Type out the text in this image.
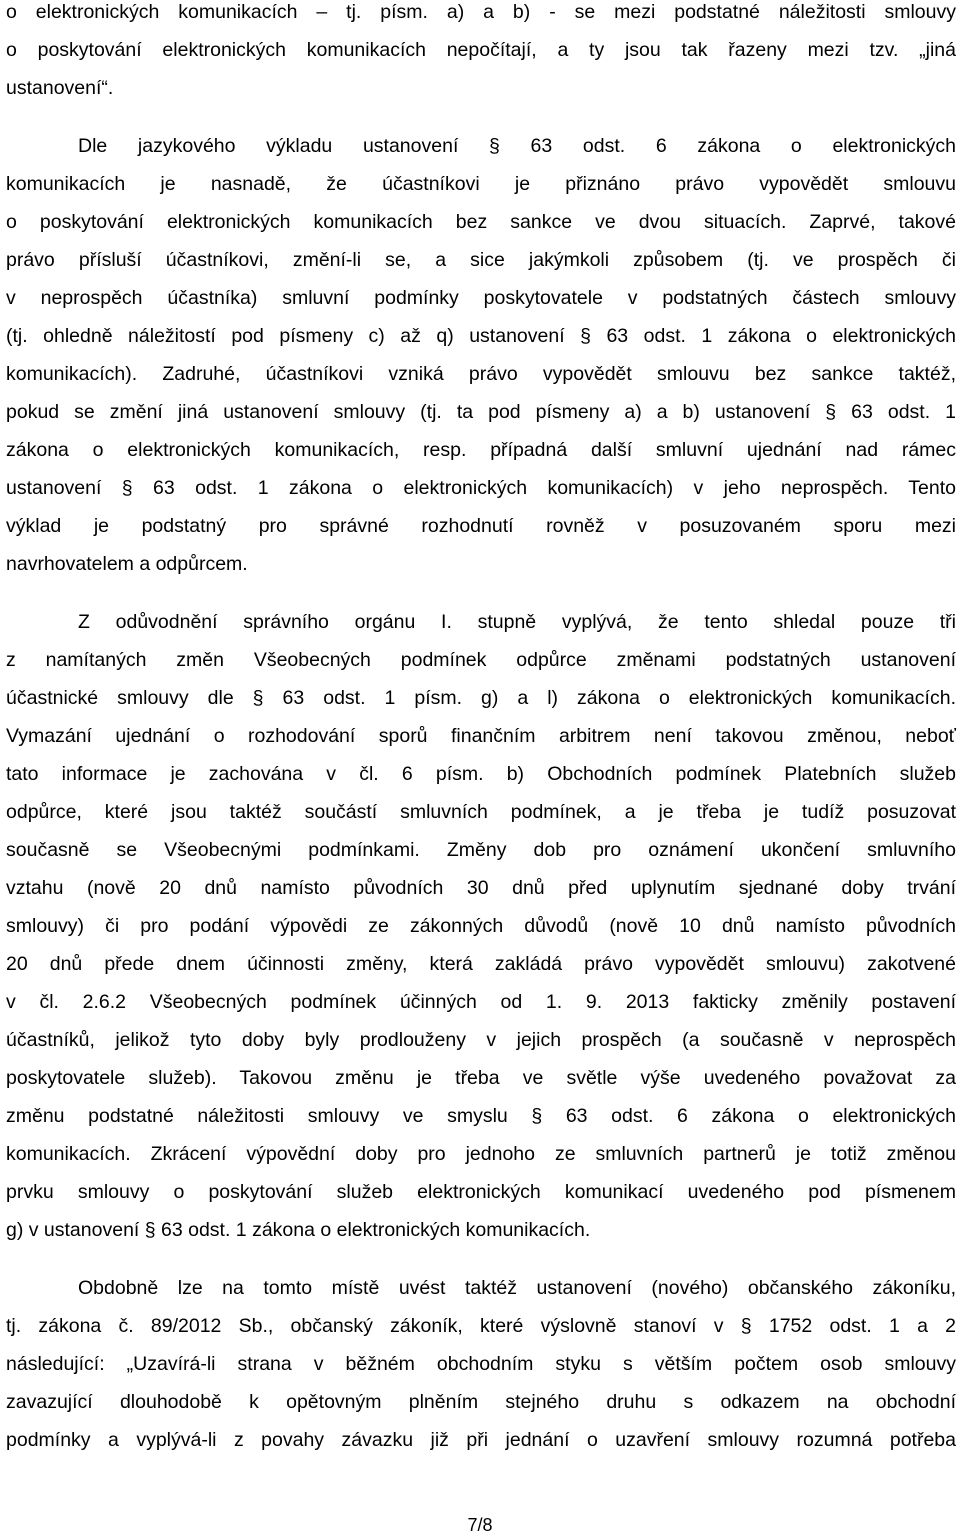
o elektronických komunikacích – tj. písm. a) a b) - se mezi podstatné náležitosti smlouvy
o poskytování elektronických komunikacích nepočítají, a ty jsou tak řazeny mezi tzv. „jiná
ustanovení“.
Dle jazykového výkladu ustanovení § 63 odst. 6 zákona o elektronických
komunikacích je nasnadě, že účastníkovi je přiznáno právo vypovědět smlouvu
o poskytování elektronických komunikacích bez sankce ve dvou situacích. Zaprvé, takové
právo přísluší účastníkovi, změní-li se, a sice jakýmkoli způsobem (tj. ve prospěch či
v neprospěch účastníka) smluvní podmínky poskytovatele v podstatných částech smlouvy
(tj. ohledně náležitostí pod písmeny c) až q) ustanovení § 63 odst. 1 zákona o elektronických
komunikacích). Zadruhé, účastníkovi vzniká právo vypovědět smlouvu bez sankce taktéž,
pokud se změní jiná ustanovení smlouvy (tj. ta pod písmeny a) a b) ustanovení § 63 odst. 1
zákona o elektronických komunikacích, resp. případná další smluvní ujednání nad rámec
ustanovení § 63 odst. 1 zákona o elektronických komunikacích) v jeho neprospěch. Tento
výklad je podstatný pro správné rozhodnutí rovněž v posuzovaném sporu mezi
navrhovatelem a odpůrcem.
Z odůvodnění správního orgánu I. stupně vyplývá, že tento shledal pouze tři
z namítaných změn Všeobecných podmínek odpůrce změnami podstatných ustanovení
účastnické smlouvy dle § 63 odst. 1 písm. g) a l) zákona o elektronických komunikacích.
Vymazání ujednání o rozhodování sporů finančním arbitrem není takovou změnou, neboť
tato informace je zachována v čl. 6 písm. b) Obchodních podmínek Platebních služeb
odpůrce, které jsou taktéž součástí smluvních podmínek, a je třeba je tudíž posuzovat
současně se Všeobecnými podmínkami. Změny dob pro oznámení ukončení smluvního
vztahu (nově 20 dnů namísto původních 30 dnů před uplynutím sjednané doby trvání
smlouvy) či pro podání výpovědi ze zákonných důvodů (nově 10 dnů namísto původních
20 dnů přede dnem účinnosti změny, která zakládá právo vypovědět smlouvu) zakotvené
v čl. 2.6.2 Všeobecných podmínek účinných od 1. 9. 2013 fakticky změnily postavení
účastníků, jelikož tyto doby byly prodlouženy v jejich prospěch (a současně v neprospěch
poskytovatele služeb). Takovou změnu je třeba ve světle výše uvedeného považovat za
změnu podstatné náležitosti smlouvy ve smyslu § 63 odst. 6 zákona o elektronických
komunikacích. Zkrácení výpovědní doby pro jednoho ze smluvních partnerů je totiž změnou
prvku smlouvy o poskytování služeb elektronických komunikací uvedeného pod písmenem
g) v ustanovení § 63 odst. 1 zákona o elektronických komunikacích.
Obdobně lze na tomto místě uvést taktéž ustanovení (nového) občanského zákoníku,
tj. zákona č. 89/2012 Sb., občanský zákoník, které výslovně stanoví v § 1752 odst. 1 a 2
následující: „Uzavírá-li strana v běžném obchodním styku s větším počtem osob smlouvy
zavazující dlouhodobě k opětovným plněním stejného druhu s odkazem na obchodní
podmínky a vyplývá-li z povahy závazku již při jednání o uzavření smlouvy rozumná potřeba
7/8
